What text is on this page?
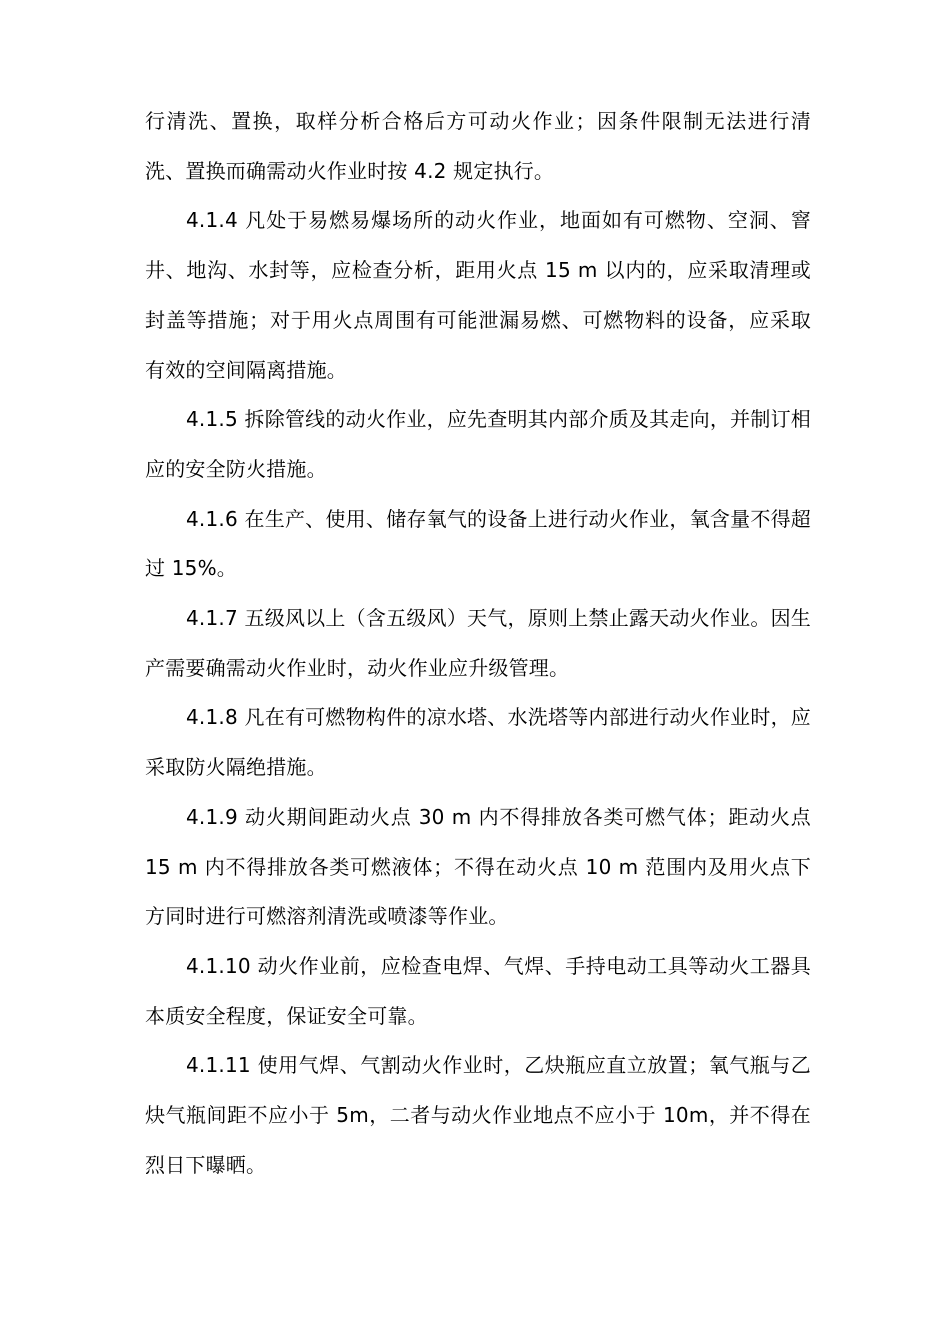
行清洗、置换，取样分析合格后方可动火作业；因条件限制无法进行清洗、置换而确需动火作业时按 4.2 规定执行。

4.1.4 凡处于易燃易爆场所的动火作业，地面如有可燃物、空洞、窨井、地沟、水封等，应检查分析，距用火点 15 m 以内的，应采取清理或封盖等措施；对于用火点周围有可能泄漏易燃、可燃物料的设备，应采取有效的空间隔离措施。

4.1.5 拆除管线的动火作业，应先查明其内部介质及其走向，并制订相应的安全防火措施。

4.1.6 在生产、使用、储存氧气的设备上进行动火作业，氧含量不得超过 15%。

4.1.7 五级风以上（含五级风）天气，原则上禁止露天动火作业。因生产需要确需动火作业时，动火作业应升级管理。

4.1.8 凡在有可燃物构件的凉水塔、水洗塔等内部进行动火作业时，应采取防火隔绝措施。

4.1.9 动火期间距动火点 30 m 内不得排放各类可燃气体；距动火点 15 m 内不得排放各类可燃液体；不得在动火点 10 m 范围内及用火点下方同时进行可燃溶剂清洗或喷漆等作业。

4.1.10 动火作业前，应检查电焊、气焊、手持电动工具等动火工器具本质安全程度，保证安全可靠。

4.1.11 使用气焊、气割动火作业时，乙炔瓶应直立放置；氧气瓶与乙炔气瓶间距不应小于 5m，二者与动火作业地点不应小于 10m，并不得在烈日下曝晒。
